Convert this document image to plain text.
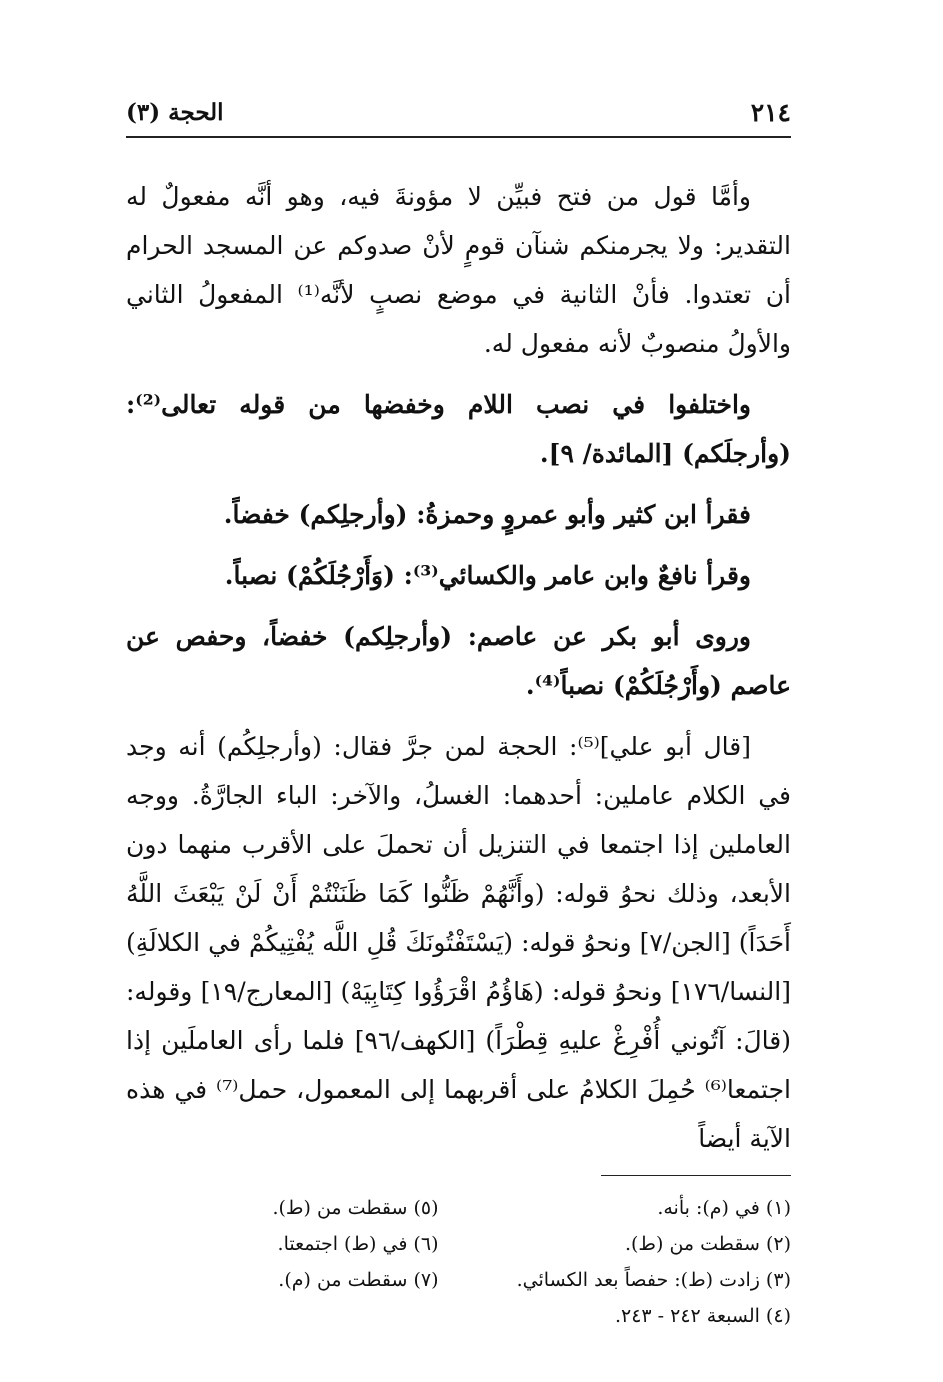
٢١٤
الحجة (٣)

وأمَّا قول من فتح فبيِّن لا مؤونةَ فيه، وهو أنَّه مفعولٌ له التقدير: ولا يجرمنكم شنآن قومٍ لأنْ صدوكم عن المسجد الحرام أن تعتدوا. فأنْ الثانية في موضع نصبٍ لأنَّه⁽¹⁾ المفعولُ الثاني والأولُ منصوبٌ لأنه مفعول له.

واختلفوا في نصب اللام وخفضها من قوله تعالى⁽²⁾: (وأرجلَكم) [المائدة/ ٩].

فقرأ ابن كثير وأبو عمروٍ وحمزةُ: (وأرجلِكم) خفضاً.

وقرأ نافعٌ وابن عامر والكسائي⁽³⁾: (وَأَرْجُلَكُمْ) نصباً.

وروى أبو بكر عن عاصم: (وأرجلِكم) خفضاً، وحفص عن عاصم (وأَرْجُلَكُمْ) نصباً⁽⁴⁾.

[قال أبو علي]⁽⁵⁾: الحجة لمن جرَّ فقال: (وأرجلِكُم) أنه وجد في الكلام عاملين: أحدهما: الغسلُ، والآخر: الباء الجارَّةُ. ووجه العاملين إذا اجتمعا في التنزيل أن تحملَ على الأقرب منهما دون الأبعد، وذلك نحوُ قوله: (وأَنَّهُمْ ظَنُّوا كَمَا ظَنَنْتُمْ أَنْ لَنْ يَبْعَثَ اللَّهُ أَحَدَاً) [الجن/٧] ونحوُ قوله: (يَسْتَفْتُونَكَ قُلِ اللَّه يُفْتِيكُمْ في الكلالَةِ) [النسا/١٧٦] ونحوُ قوله: (هَاؤُمُ اقْرَؤُوا كِتَابِيَهْ) [المعارج/١٩] وقوله: (قالَ: آتُوني أُفْرِغْ عليهِ قِطْرَاً) [الكهف/٩٦] فلما رأى العاملَين إذا اجتمعا⁽⁶⁾ حُمِلَ الكلامُ على أقربهما إلى المعمول، حمل⁽⁷⁾ في هذه الآية أيضاً

(١) في (م): بأنه.
(٥) سقطت من (ط).
(٢) سقطت من (ط).
(٦) في (ط) اجتمعتا.
(٣) زادت (ط): حفصاً بعد الكسائي.
(٧) سقطت من (م).
(٤) السبعة ٢٤٢ - ٢٤٣.
